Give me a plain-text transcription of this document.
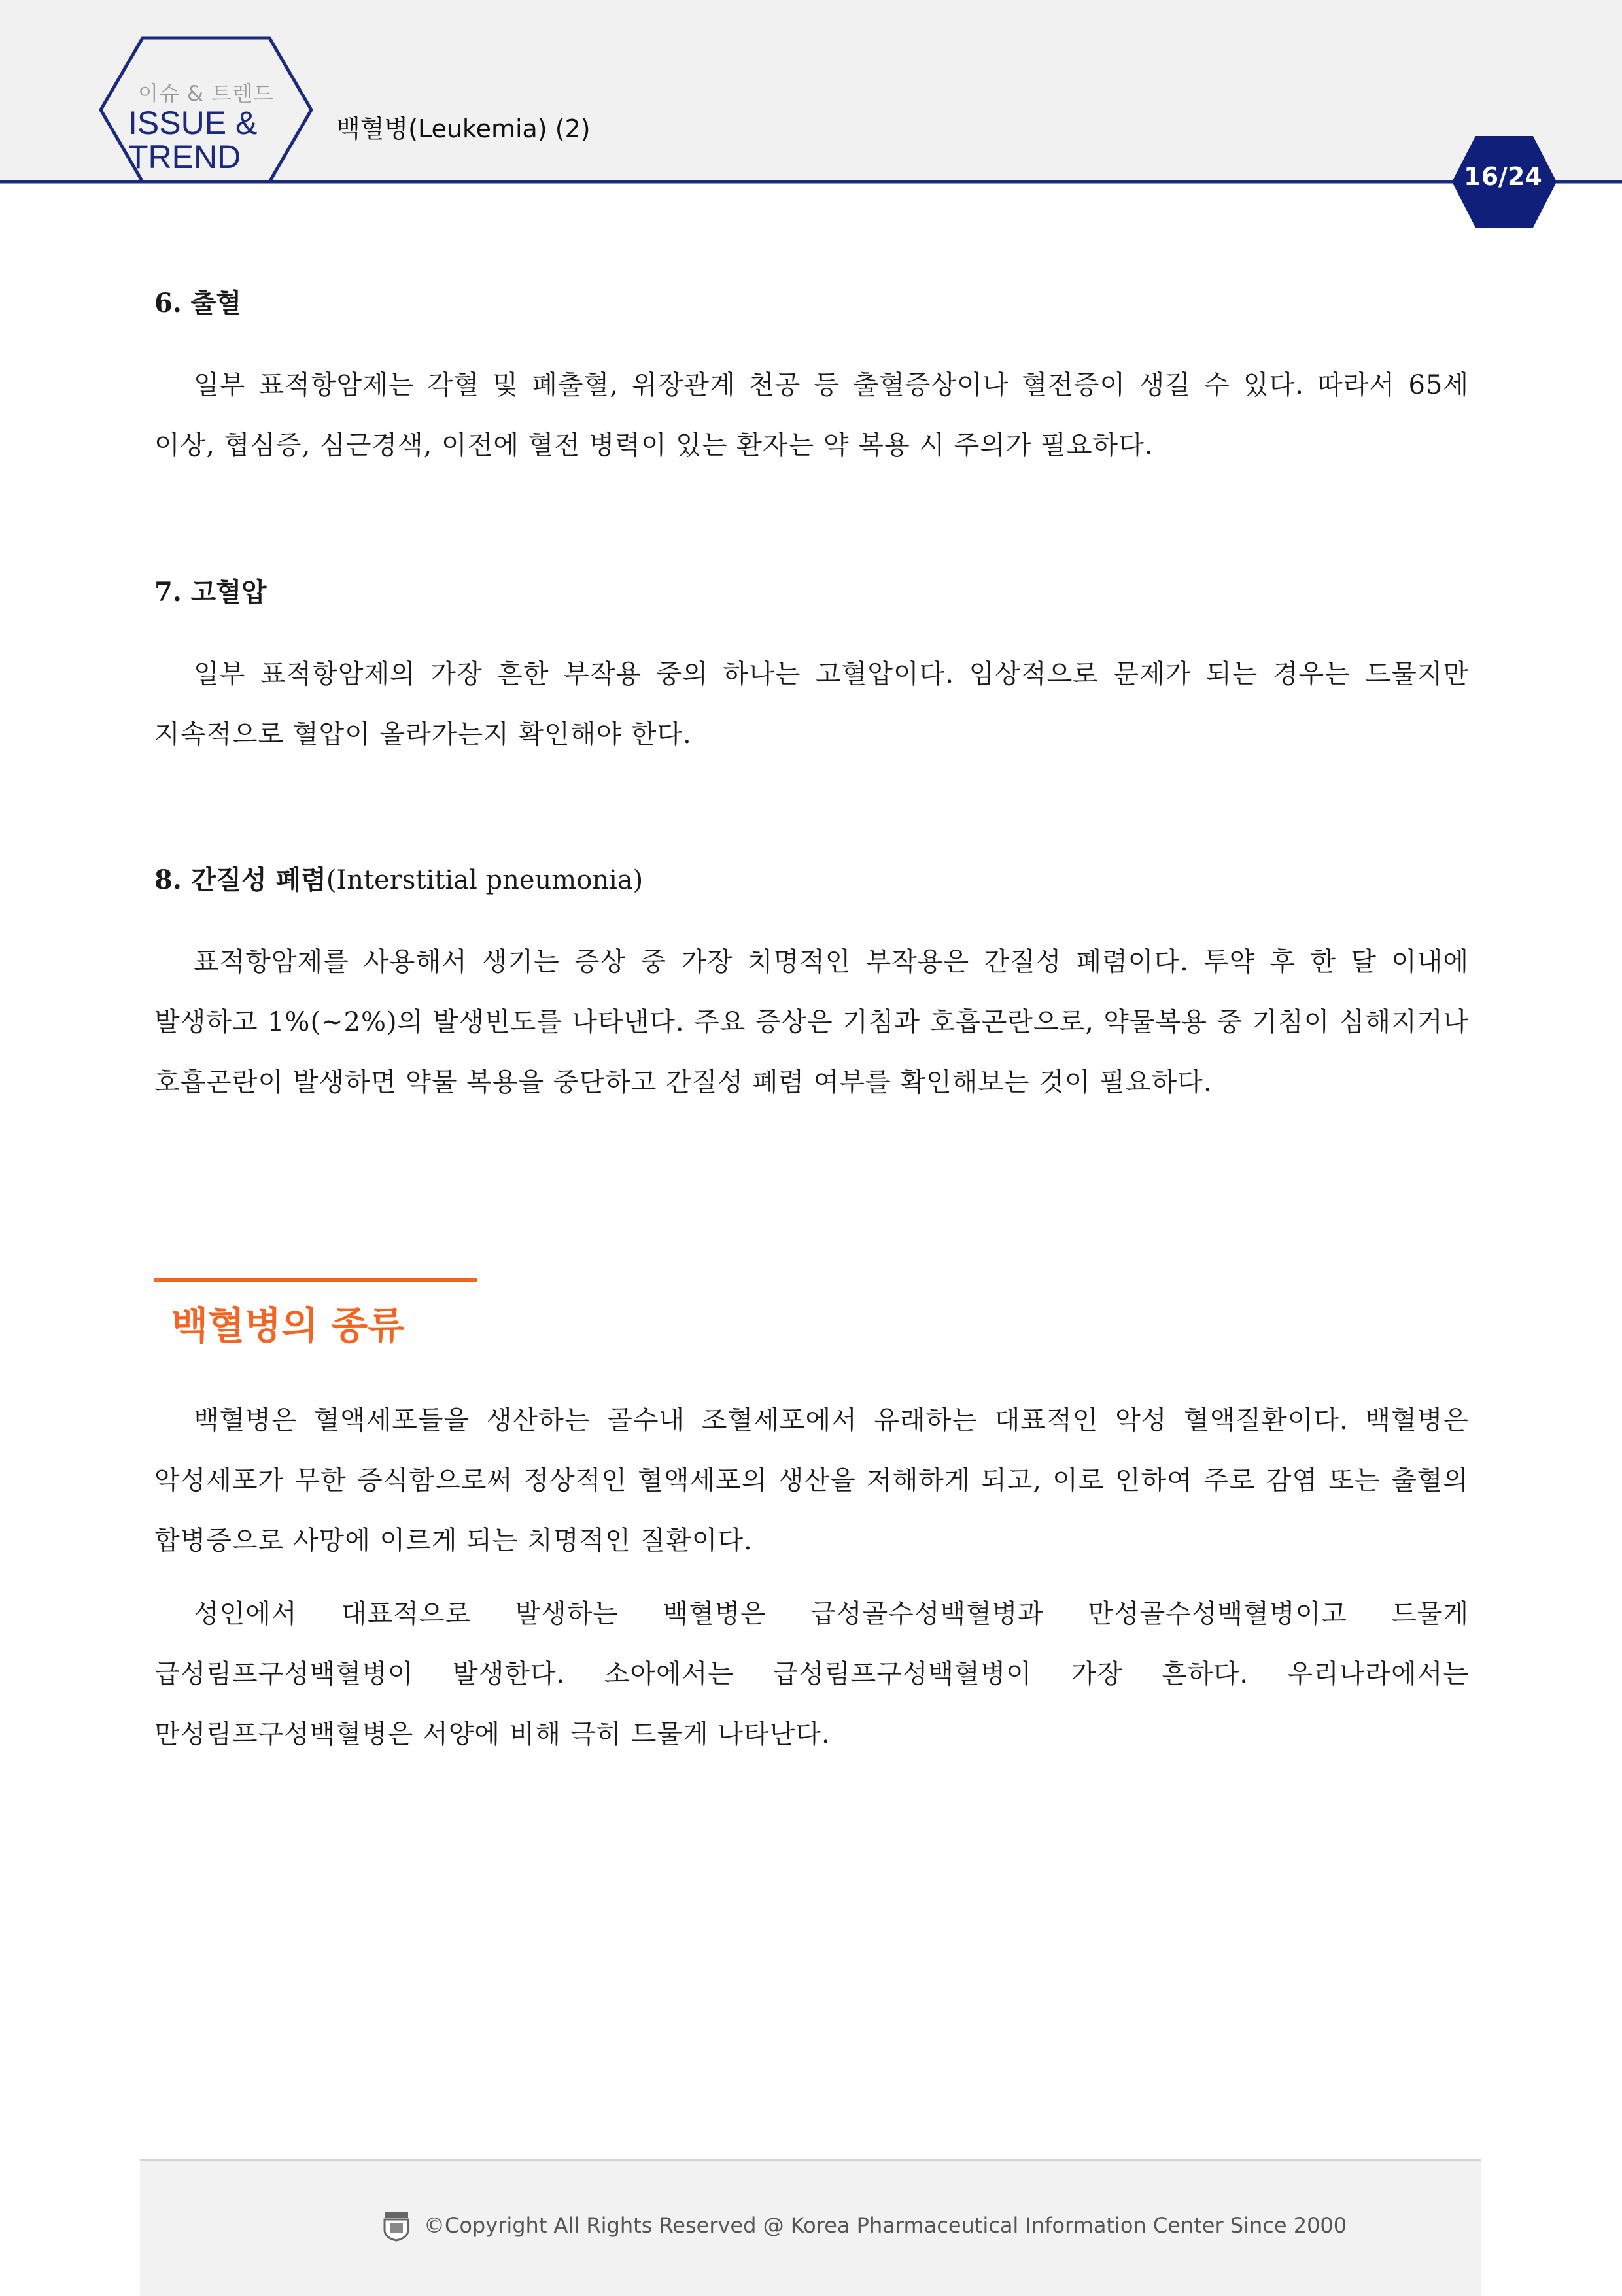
이슈 & 트렌드
ISSUE &
TREND
백혈병(Leukemia) (2)
16/24
6. 출혈

일부 표적항암제는 각혈 및 폐출혈, 위장관계 천공 등 출혈증상이나 혈전증이 생길 수 있다. 따라서 65세 이상, 협심증, 심근경색, 이전에 혈전 병력이 있는 환자는 약 복용 시 주의가 필요하다.

7. 고혈압

일부 표적항암제의 가장 흔한 부작용 중의 하나는 고혈압이다. 임상적으로 문제가 되는 경우는 드물지만 지속적으로 혈압이 올라가는지 확인해야 한다.

8. 간질성 폐렴(Interstitial pneumonia)

표적항암제를 사용해서 생기는 증상 중 가장 치명적인 부작용은 간질성 폐렴이다. 투약 후 한 달 이내에 발생하고 1%(~2%)의 발생빈도를 나타낸다. 주요 증상은 기침과 호흡곤란으로, 약물복용 중 기침이 심해지거나 호흡곤란이 발생하면 약물 복용을 중단하고 간질성 폐렴 여부를 확인해보는 것이 필요하다.

백혈병의 종류

백혈병은 혈액세포들을 생산하는 골수내 조혈세포에서 유래하는 대표적인 악성 혈액질환이다. 백혈병은 악성세포가 무한 증식함으로써 정상적인 혈액세포의 생산을 저해하게 되고, 이로 인하여 주로 감염 또는 출혈의 합병증으로 사망에 이르게 되는 치명적인 질환이다.

성인에서 대표적으로 발생하는 백혈병은 급성골수성백혈병과 만성골수성백혈병이고 드물게 급성림프구성백혈병이 발생한다. 소아에서는 급성림프구성백혈병이 가장 흔하다. 우리나라에서는 만성림프구성백혈병은 서양에 비해 극히 드물게 나타난다.

©Copyright All Rights Reserved @ Korea Pharmaceutical Information Center Since 2000
